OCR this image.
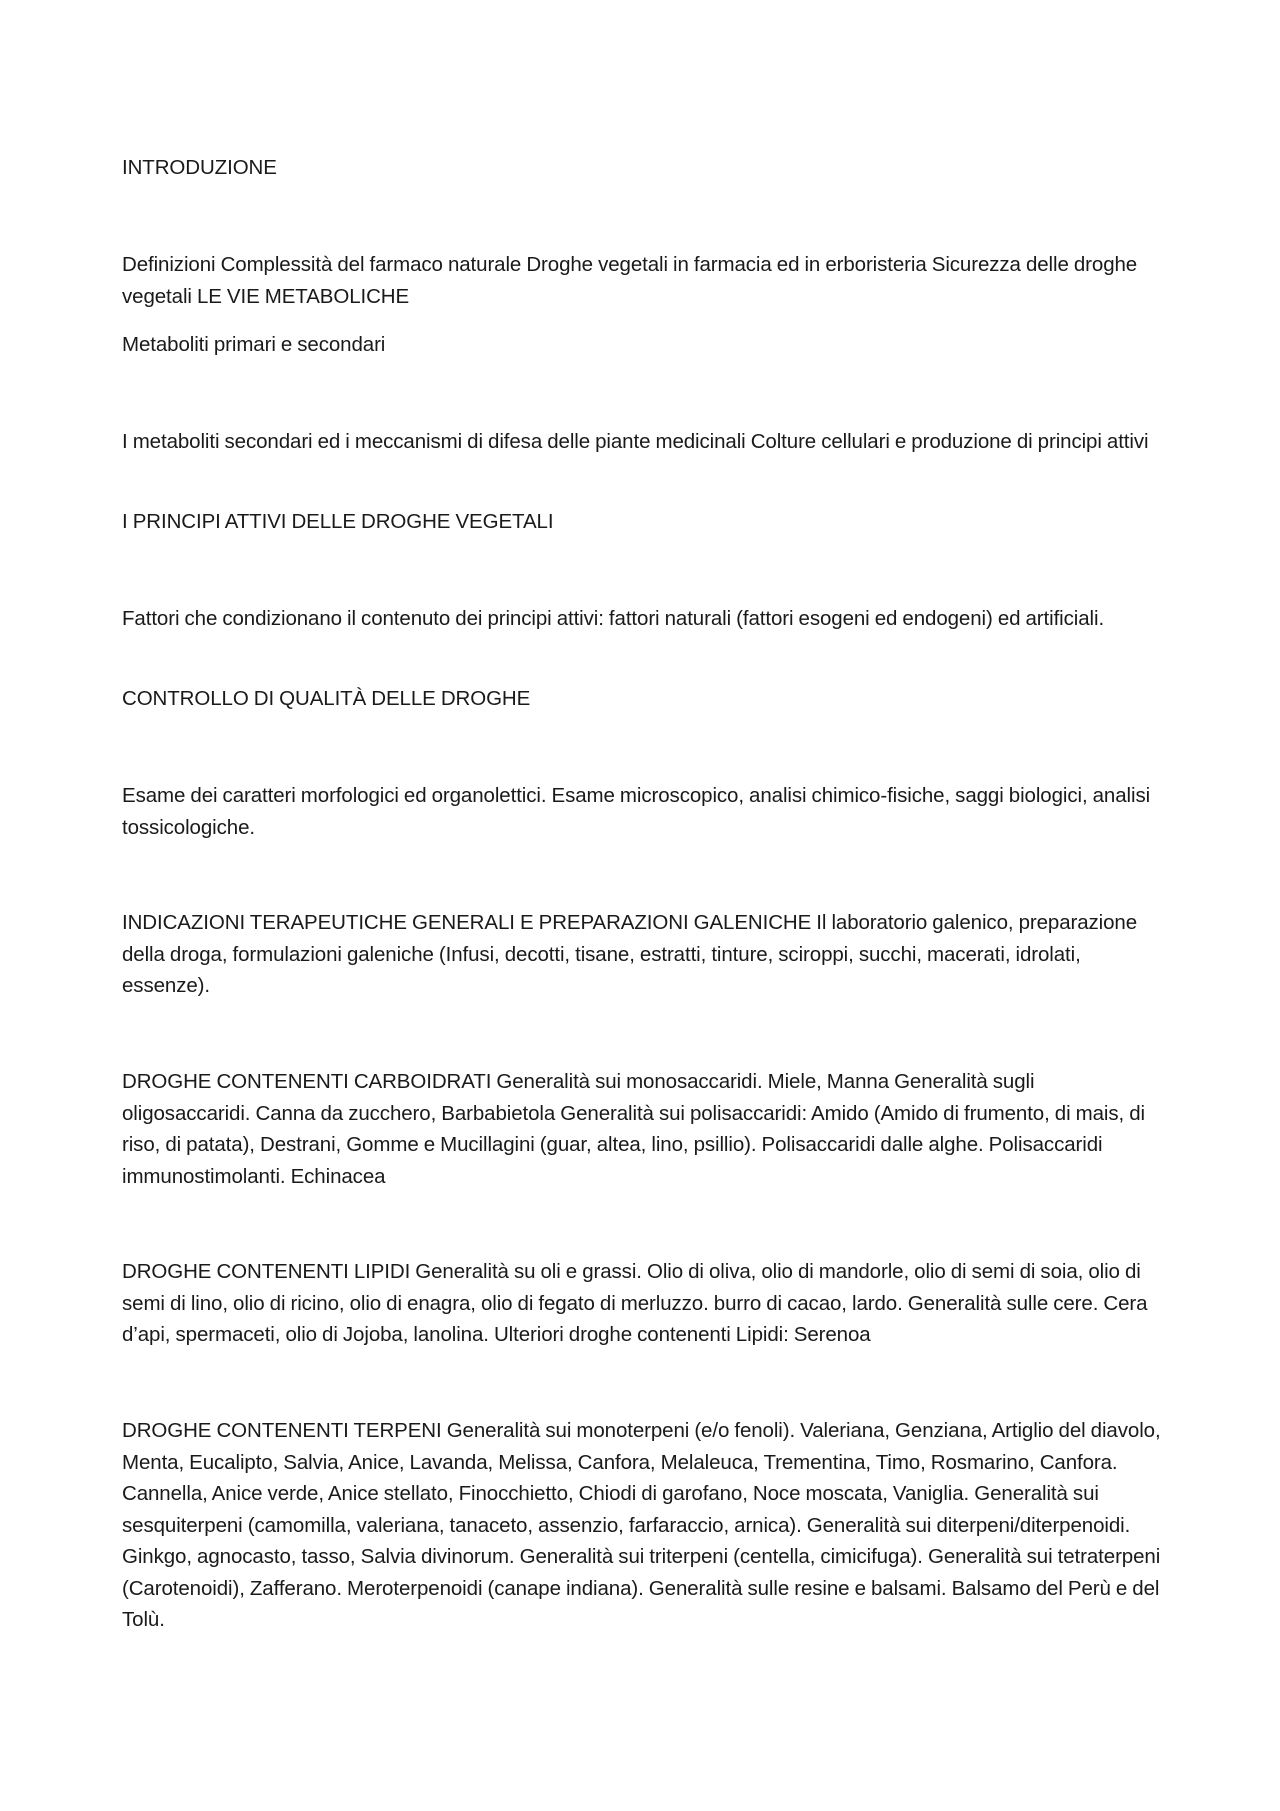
INTRODUZIONE

Definizioni Complessità del farmaco naturale Droghe vegetali in farmacia ed in erboristeria Sicurezza delle droghe vegetali LE VIE METABOLICHE

Metaboliti primari e secondari

I metaboliti secondari ed i meccanismi di difesa delle piante medicinali Colture cellulari e produzione di principi attivi

I PRINCIPI ATTIVI DELLE DROGHE VEGETALI

Fattori che condizionano il contenuto dei principi attivi: fattori naturali (fattori esogeni ed endogeni) ed artificiali.

CONTROLLO DI QUALITÀ DELLE DROGHE

Esame dei caratteri morfologici ed organolettici. Esame microscopico, analisi chimico-fisiche, saggi biologici, analisi tossicologiche.

INDICAZIONI TERAPEUTICHE GENERALI E PREPARAZIONI GALENICHE Il laboratorio galenico, preparazione della droga, formulazioni galeniche (Infusi, decotti, tisane, estratti, tinture, sciroppi, succhi, macerati, idrolati, essenze).

DROGHE CONTENENTI CARBOIDRATI Generalità sui monosaccaridi. Miele, Manna Generalità sugli oligosaccaridi. Canna da zucchero, Barbabietola Generalità sui polisaccaridi: Amido (Amido di frumento, di mais, di riso, di patata), Destrani, Gomme e Mucillagini (guar, altea, lino, psillio). Polisaccaridi dalle alghe. Polisaccaridi immunostimolanti. Echinacea

DROGHE CONTENENTI LIPIDI Generalità su oli e grassi. Olio di oliva, olio di mandorle, olio di semi di soia, olio di semi di lino, olio di ricino, olio di enagra, olio di fegato di merluzzo. burro di cacao, lardo. Generalità sulle cere. Cera d’api, spermaceti, olio di Jojoba, lanolina. Ulteriori droghe contenenti Lipidi: Serenoa

DROGHE CONTENENTI TERPENI Generalità sui monoterpeni (e/o fenoli). Valeriana, Genziana, Artiglio del diavolo, Menta, Eucalipto, Salvia, Anice, Lavanda, Melissa, Canfora, Melaleuca, Trementina, Timo, Rosmarino, Canfora. Cannella, Anice verde, Anice stellato, Finocchietto, Chiodi di garofano, Noce moscata, Vaniglia. Generalità sui sesquiterpeni (camomilla, valeriana, tanaceto, assenzio, farfaraccio, arnica). Generalità sui diterpeni/diterpenoidi. Ginkgo, agnocasto, tasso, Salvia divinorum. Generalità sui triterpeni (centella, cimicifuga). Generalità sui tetraterpeni (Carotenoidi), Zafferano. Meroterpenoidi (canape indiana). Generalità sulle resine e balsami. Balsamo del Perù e del Tolù.
